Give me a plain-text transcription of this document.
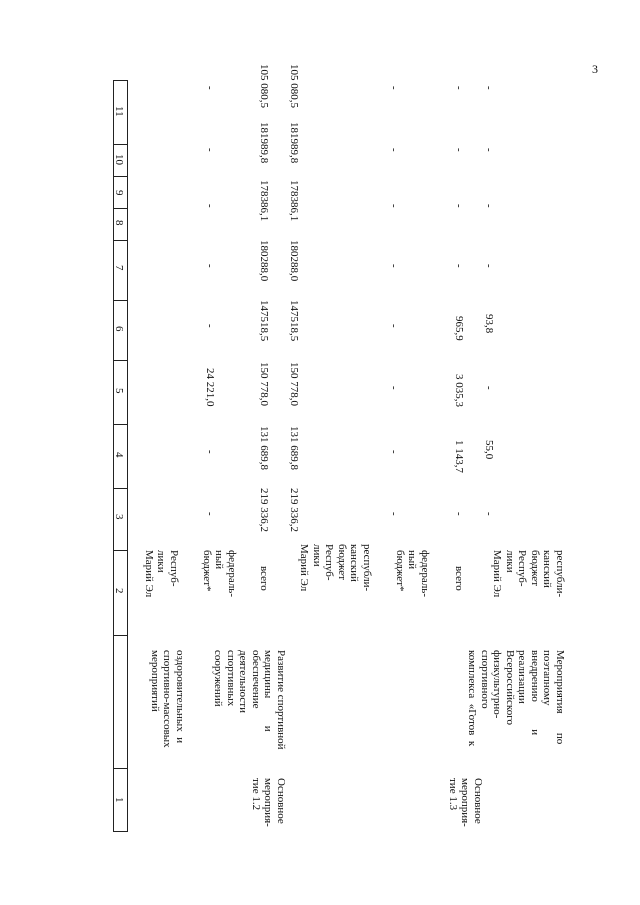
3
11
10
9
8
7
6
5
4
3
2
1
оздоровительных  и
спортивно-массовых
мероприятий
Респуб-
лики
Марий Эл	федераль-
ный
бюджет*
-
-
24 221,0
-
-
-
-
-
Основное
мероприя-
тие 1.2
Развитие спортивной
медицины          и
обеспечение
деятельности
спортивных
сооружений
всего
219 336,2
131 689,8
150 778,0
147518,5
180288,0
178386,1
181989,8
105 080,5
республи-
канский
бюджет
Респуб-
лики
Марий Эл
219 336,2
131 689,8
150 778,0
147518,5
180288,0
178386,1
181989,8
105 080,5
федераль-
ный
бюджет*
-
-
-
-
-
-
-
-
Основное
мероприя-
тие 1.3
Мероприятия       по
поэтапному
внедрению          и
реализации
Всероссийского
физкультурно-
спортивного
комплекса  «Готов  к
всего
-
1 143,7
3 035,3
965,9
-
-
-
-
республи-
канский
бюджет
Респуб-
лики
Марий Эл
-
55,0
-
93,8
-
-
-
-
